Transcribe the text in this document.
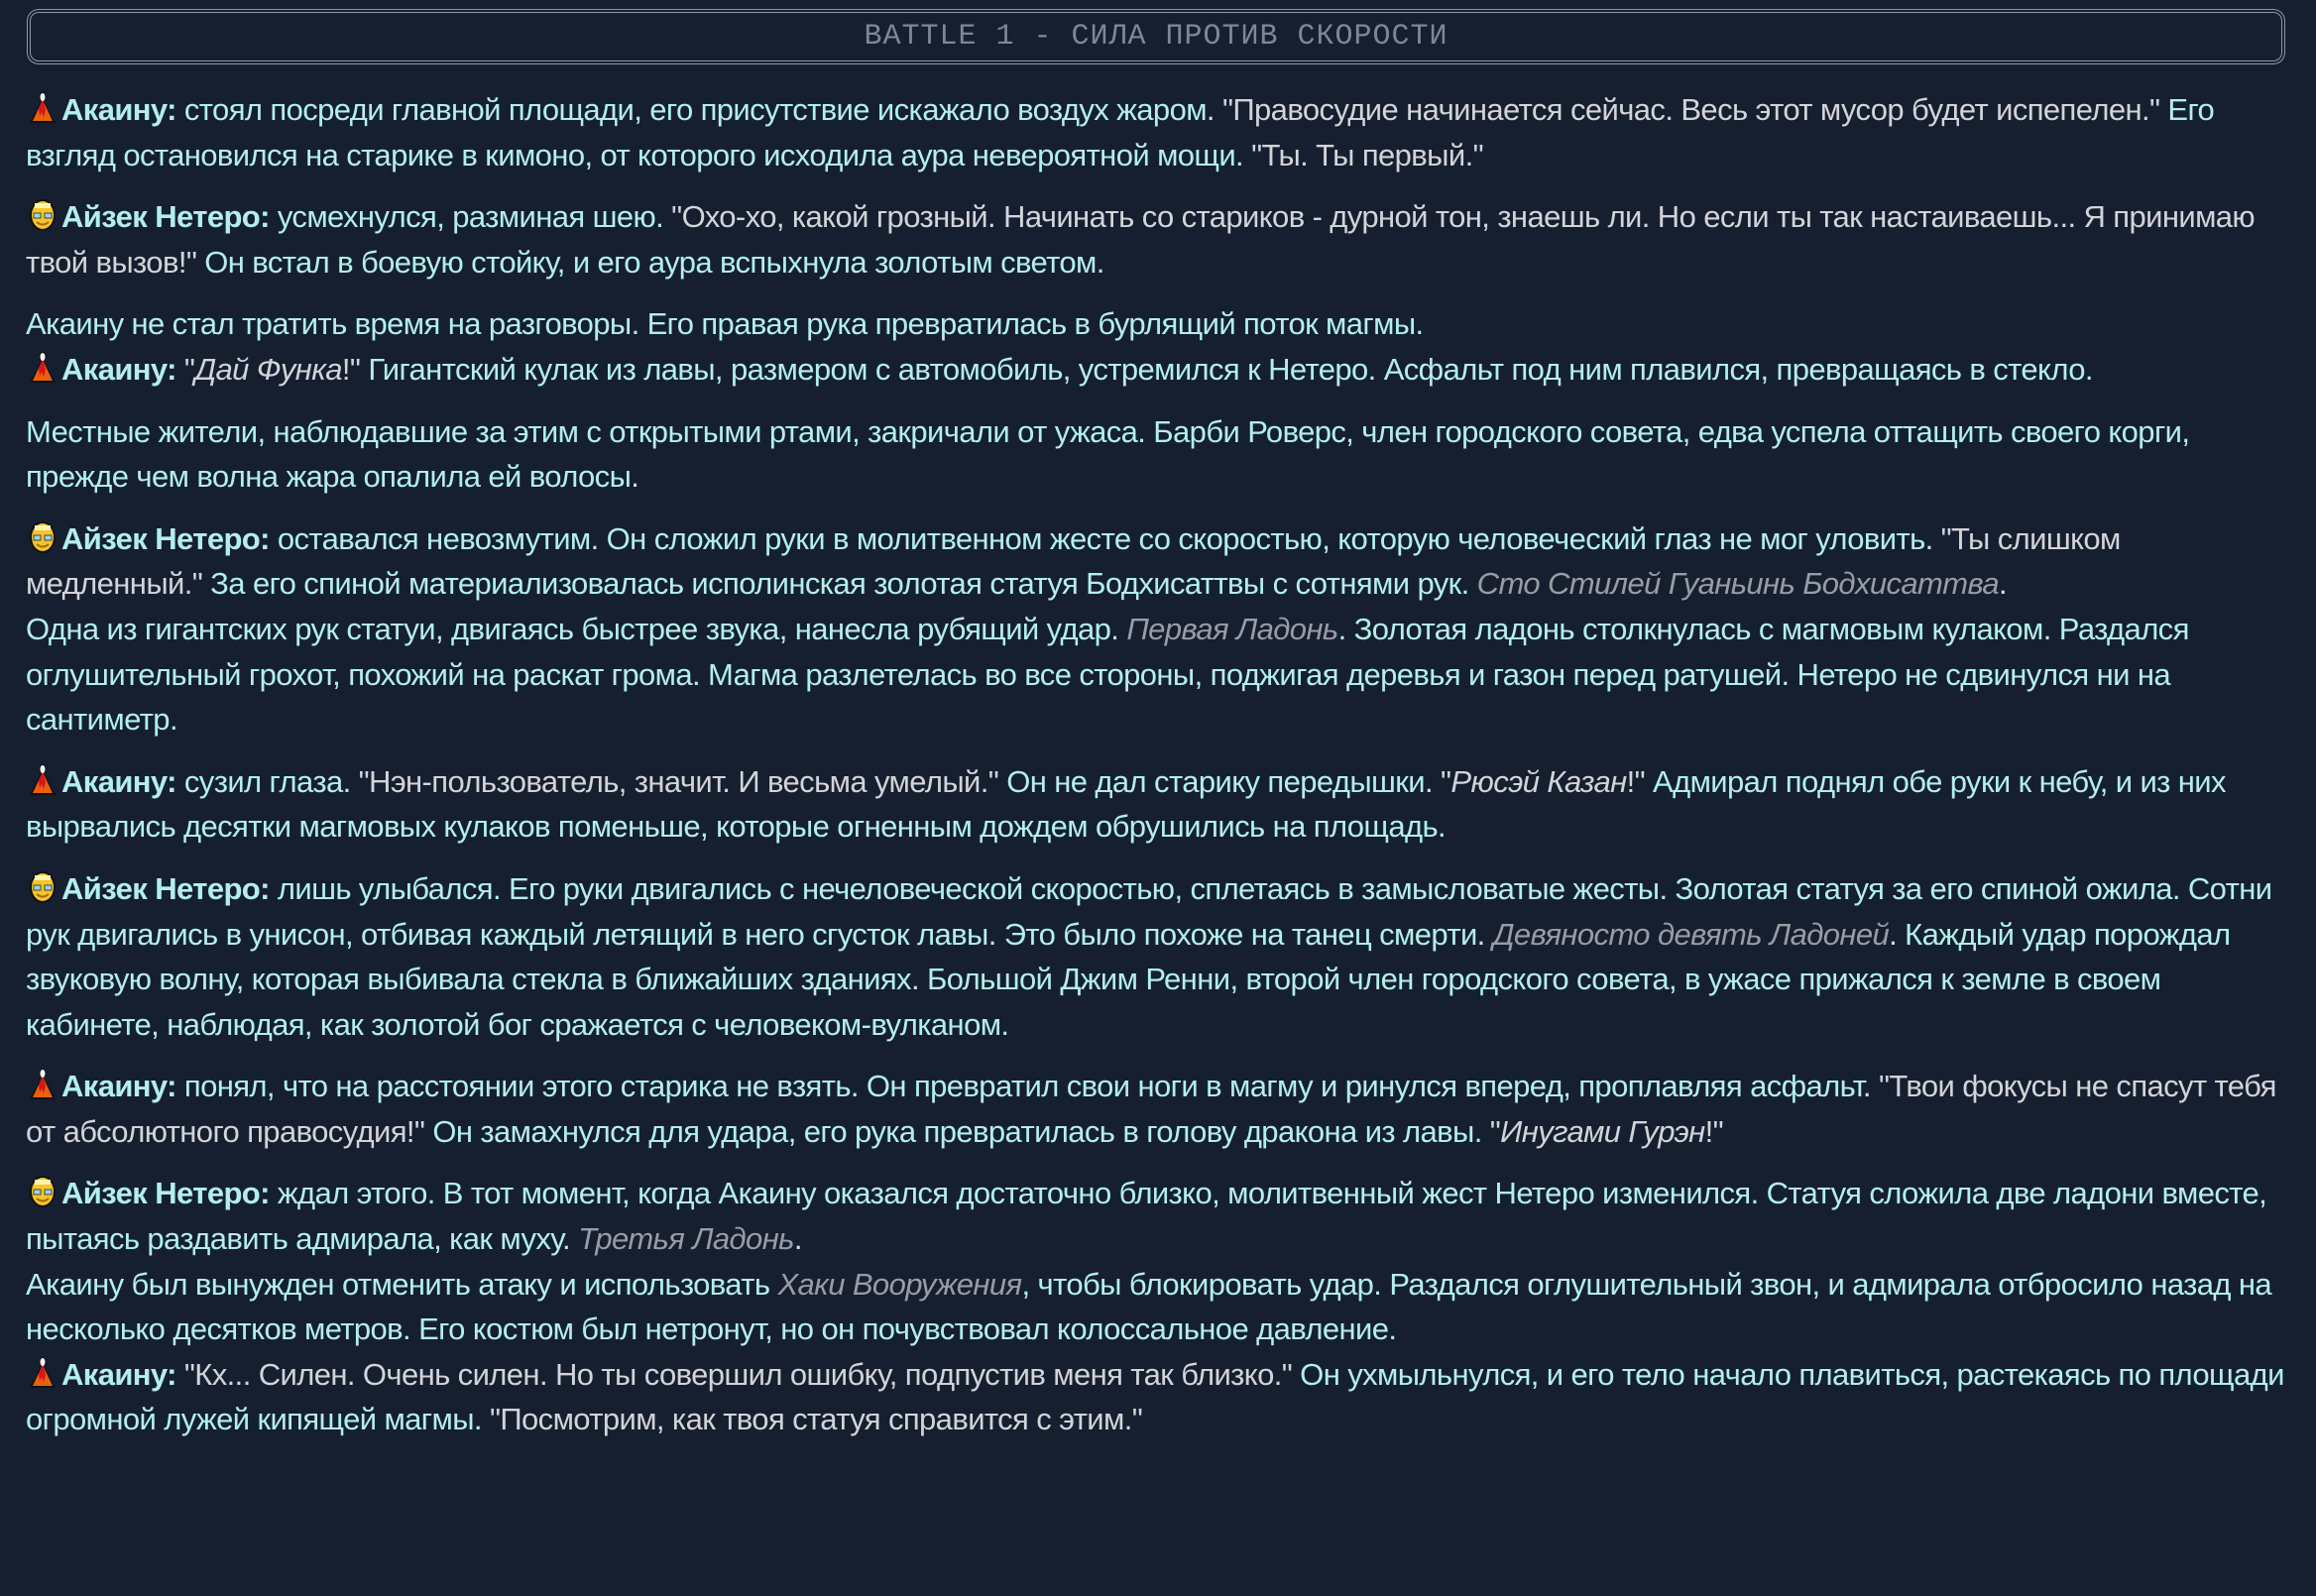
BATTLE 1 - СИЛА ПРОТИВ СКОРОСТИ
Акаину: стоял посреди главной площади, его присутствие искажало воздух жаром. "Правосудие начинается сейчас. Весь этот мусор будет испепелен." Его взгляд остановился на старике в кимоно, от которого исходила аура невероятной мощи. "Ты. Ты первый."
Айзек Нетеро: усмехнулся, разминая шею. "Охо-хо, какой грозный. Начинать со стариков - дурной тон, знаешь ли. Но если ты так настаиваешь... Я принимаю твой вызов!" Он встал в боевую стойку, и его аура вспыхнула золотым светом.
Акаину не стал тратить время на разговоры. Его правая рука превратилась в бурлящий поток магмы.
Акаину: "Дай Функа!" Гигантский кулак из лавы, размером с автомобиль, устремился к Нетеро. Асфальт под ним плавился, превращаясь в стекло.
Местные жители, наблюдавшие за этим с открытыми ртами, закричали от ужаса. Барби Роверс, член городского совета, едва успела оттащить своего корги, прежде чем волна жара опалила ей волосы.
Айзек Нетеро: оставался невозмутим. Он сложил руки в молитвенном жесте со скоростью, которую человеческий глаз не мог уловить. "Ты слишком медленный." За его спиной материализовалась исполинская золотая статуя Бодхисаттвы с сотнями рук. Сто Стилей Гуаньинь Бодхисаттва.
Одна из гигантских рук статуи, двигаясь быстрее звука, нанесла рубящий удар. Первая Ладонь. Золотая ладонь столкнулась с магмовым кулаком. Раздался оглушительный грохот, похожий на раскат грома. Магма разлетелась во все стороны, поджигая деревья и газон перед ратушей. Нетеро не сдвинулся ни на сантиметр.
Акаину: сузил глаза. "Нэн-пользователь, значит. И весьма умелый." Он не дал старику передышки. "Рюсэй Казан!" Адмирал поднял обе руки к небу, и из них вырвались десятки магмовых кулаков поменьше, которые огненным дождем обрушились на площадь.
Айзек Нетеро: лишь улыбался. Его руки двигались с нечеловеческой скоростью, сплетаясь в замысловатые жесты. Золотая статуя за его спиной ожила. Сотни рук двигались в унисон, отбивая каждый летящий в него сгусток лавы. Это было похоже на танец смерти. Девяносто девять Ладоней. Каждый удар порождал звуковую волну, которая выбивала стекла в ближайших зданиях. Большой Джим Ренни, второй член городского совета, в ужасе прижался к земле в своем кабинете, наблюдая, как золотой бог сражается с человеком-вулканом.
Акаину: понял, что на расстоянии этого старика не взять. Он превратил свои ноги в магму и ринулся вперед, проплавляя асфальт. "Твои фокусы не спасут тебя от абсолютного правосудия!" Он замахнулся для удара, его рука превратилась в голову дракона из лавы. "Инугами Гурэн!"
Айзек Нетеро: ждал этого. В тот момент, когда Акаину оказался достаточно близко, молитвенный жест Нетеро изменился. Статуя сложила две ладони вместе, пытаясь раздавить адмирала, как муху. Третья Ладонь.
Акаину был вынужден отменить атаку и использовать Хаки Вооружения, чтобы блокировать удар. Раздался оглушительный звон, и адмирала отбросило назад на несколько десятков метров. Его костюм был нетронут, но он почувствовал колоссальное давление.
Акаину: "Кх... Силен. Очень силен. Но ты совершил ошибку, подпустив меня так близко." Он ухмыльнулся, и его тело начало плавиться, растекаясь по площади огромной лужей кипящей магмы. "Посмотрим, как твоя статуя справится с этим."
